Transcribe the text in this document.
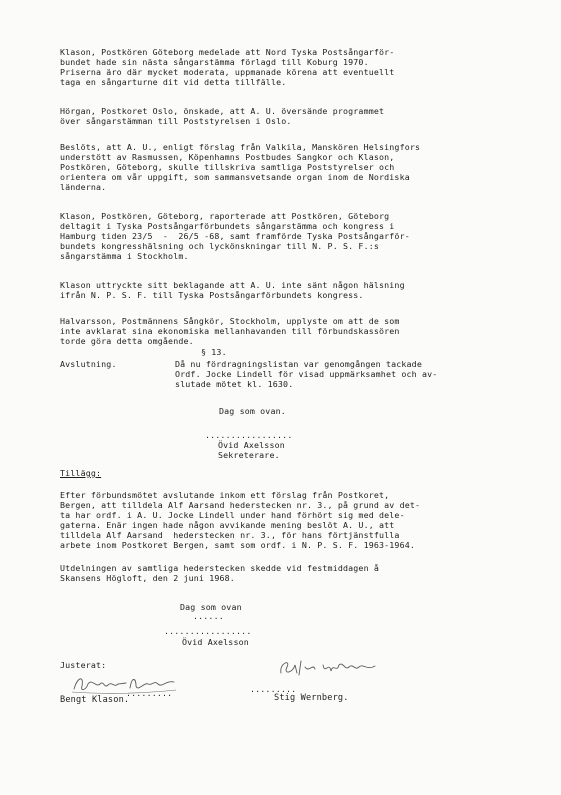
Klason, Postkören Göteborg medelade att Nord Tyska Postsångarför-
bundet hade sin nästa sångarstämma förlagd till Koburg 1970.
Priserna äro där mycket moderata, uppmanade körena att eventuellt
taga en sångarturne dit vid detta tillfälle.
Hörgan, Postkoret Oslo, önskade, att A. U. översände programmet
över sångarstämman till Poststyrelsen i Oslo.
Beslöts, att A. U., enligt förslag från Valkila, Manskören Helsingfors
understött av Rasmussen, Köpenhamns Postbudes Sangkor och Klason,
Postkören, Göteborg, skulle tillskriva samtliga Poststyrelser och
orientera om vår uppgift, som sammansvetsande organ inom de Nordiska
länderna.
Klason, Postkören, Göteborg, raporterade att Postkören, Göteborg
deltagit i Tyska Postsångarförbundets sångarstämma och kongress i
Hamburg tiden 23/5  -  26/5 -68, samt framförde Tyska Postsångarför-
bundets kongresshälsning och lyckönskningar till N. P. S. F.:s
sångarstämma i Stockholm.
Klason uttryckte sitt beklagande att A. U. inte sänt någon hälsning
ifrån N. P. S. F. till Tyska Postsångarförbundets kongress.
Halvarsson, Postmännens Sångkör, Stockholm, upplyste om att de som
inte avklarat sina ekonomiska mellanhavanden till förbundskassören
torde göra detta omgående.
§ 13.
Avslutning.	Då nu fördragningslistan var genomgången tackade
Ordf. Jocke Lindell för visad uppmärksamhet och av-
slutade mötet kl. 1630.
Dag som ovan.
.................
Övid Axelsson
Sekreterare.
Tillägg:
Efter förbundsmötet avslutande inkom ett förslag från Postkoret,
Bergen, att tilldela Alf Aarsand hederstecken nr. 3., på grund av det-
ta har ordf. i A. U. Jocke Lindell under hand förhört sig med dele-
gaterna. Enär ingen hade någon avvikande mening beslöt A. U., att
tilldela Alf Aarsand  hederstecken nr. 3., för hans förtjänstfulla
arbete inom Postkoret Bergen, samt som ordf. i N. P. S. F. 1963-1964.
Utdelningen av samtliga hederstecken skedde vid festmiddagen å
Skansens Högloft, den 2 juni 1968.
Dag som ovan
......
.................
Övid Axelsson
Justerat:
Bengt Klason.
.........	.........
Stig Wernberg.
